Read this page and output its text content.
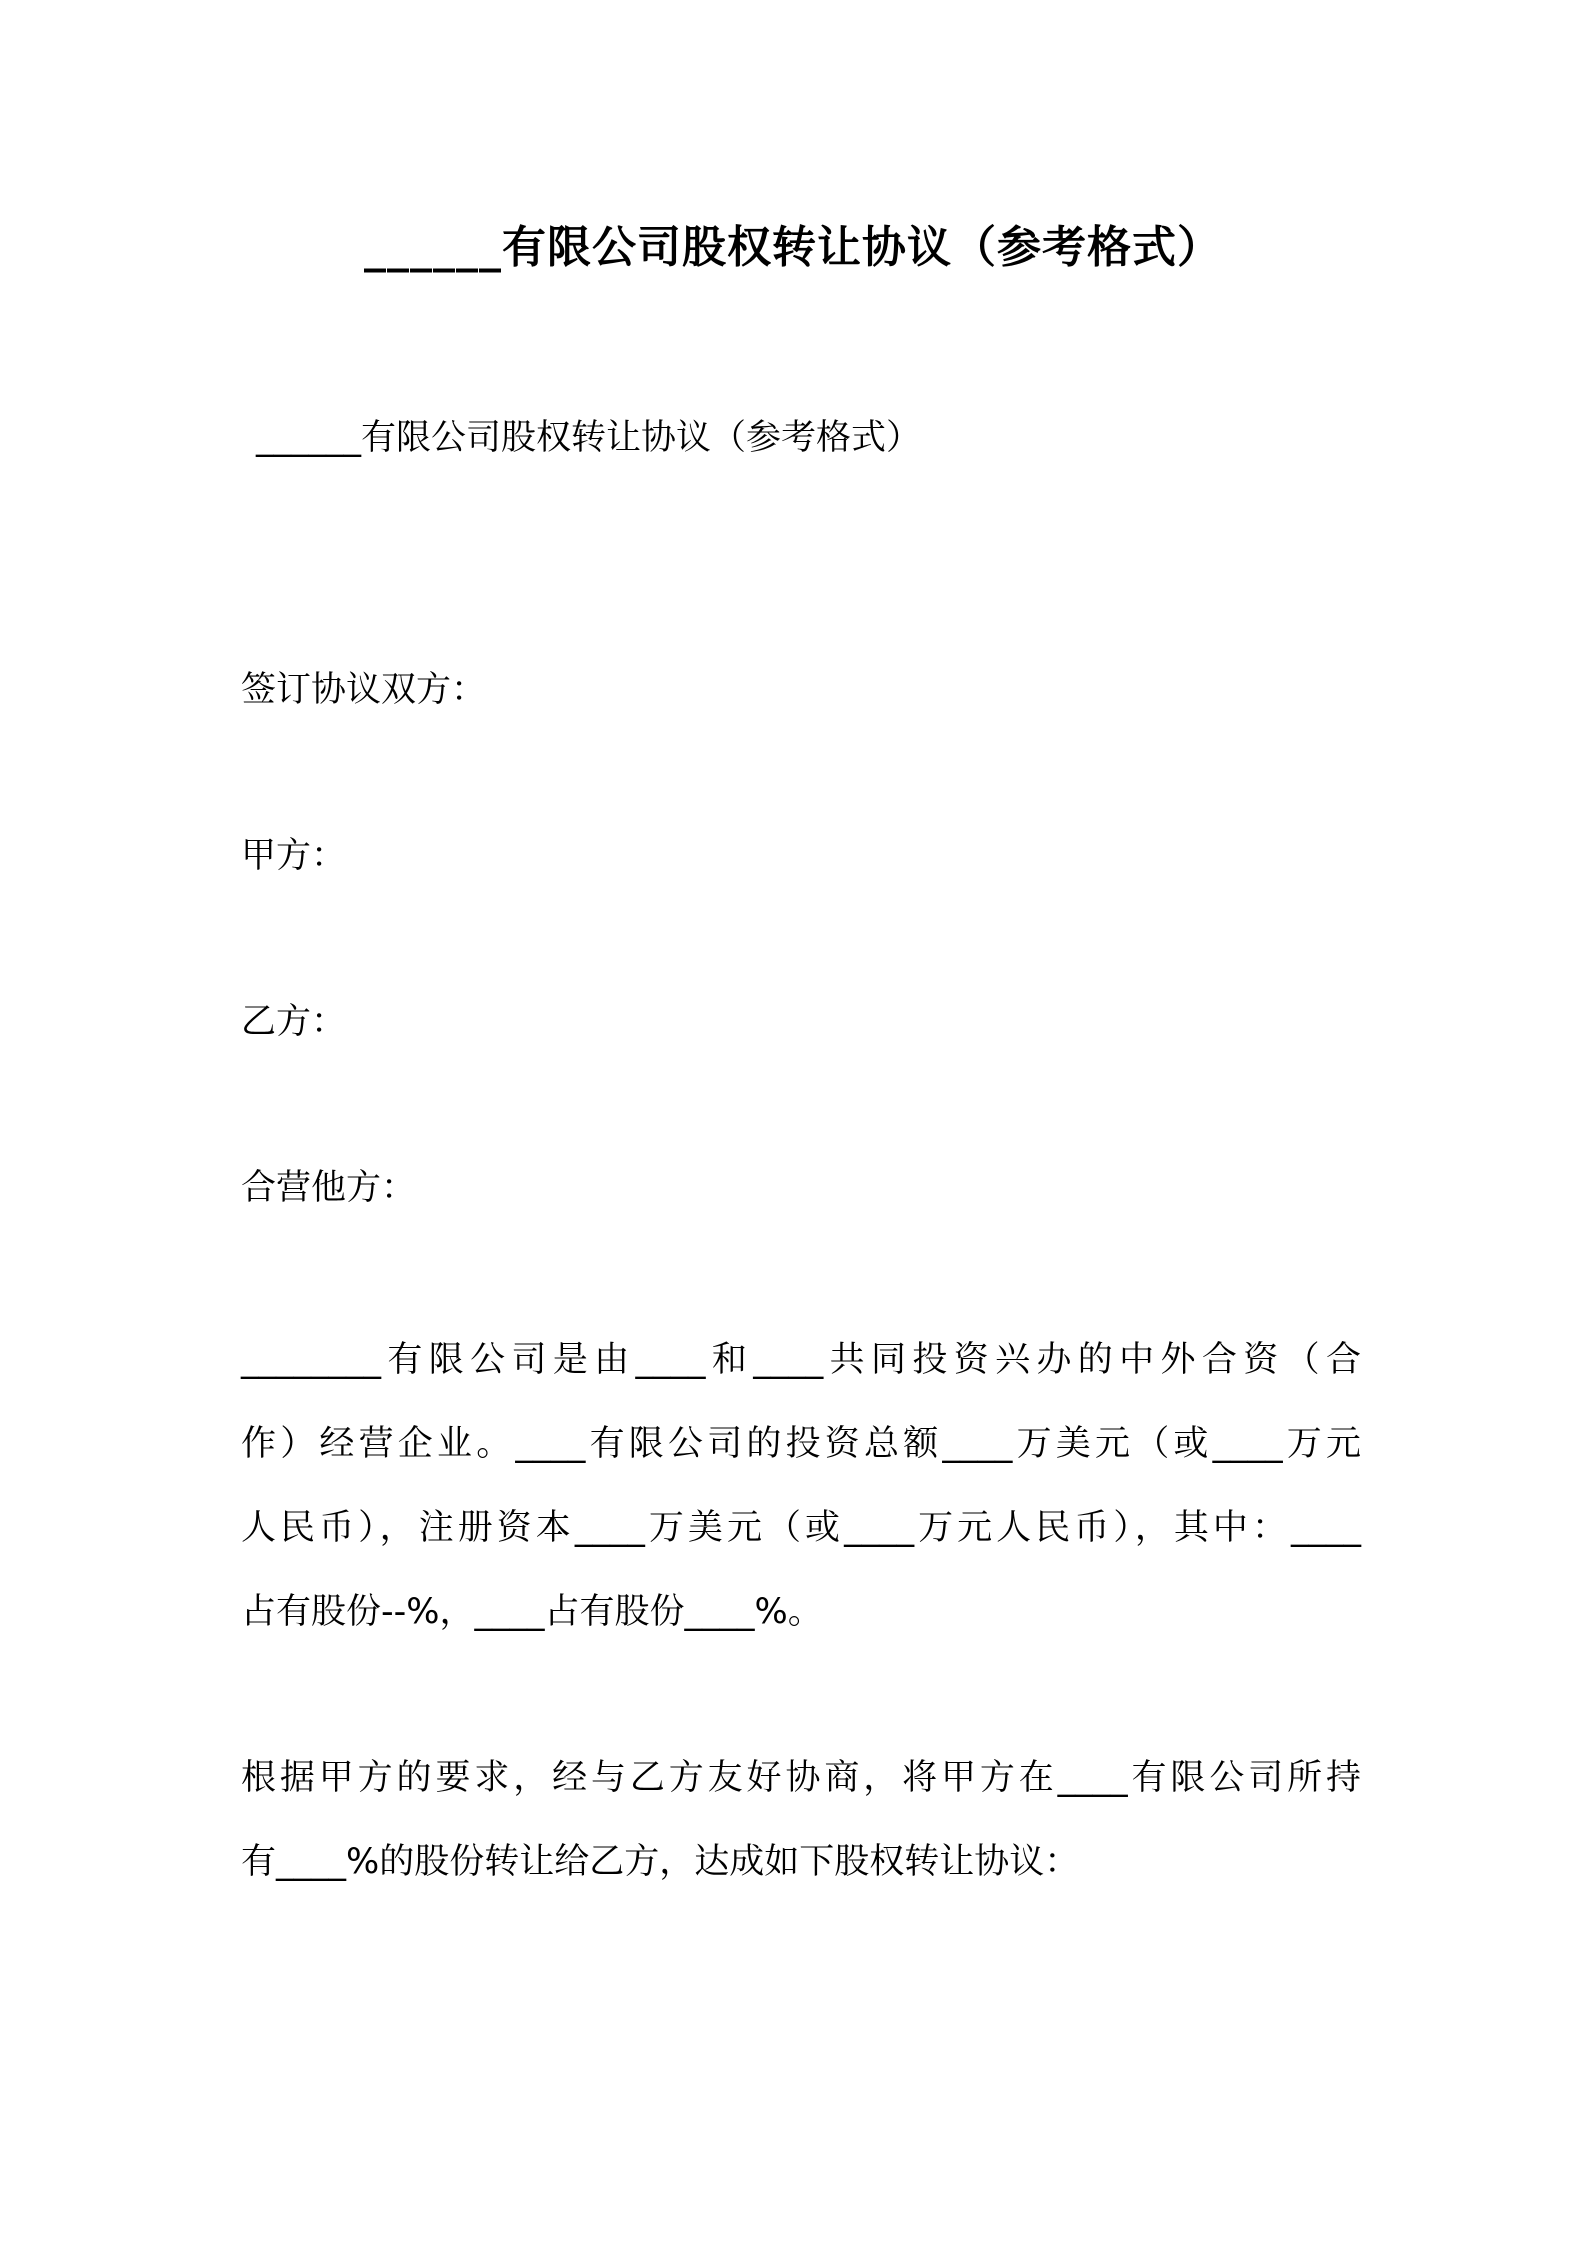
______有限公司股权转让协议（参考格式）
______有限公司股权转让协议（参考格式）
签订协议双方：
甲方：
乙方：
合营他方：
________有限公司是由____和____共同投资兴办的中外合资（合
作）经营企业。____有限公司的投资总额____万美元（或____万元
人民币），注册资本____万美元（或____万元人民币），其中：____
占有股份--%，____占有股份____%。
根据甲方的要求，经与乙方友好协商，将甲方在____有限公司所持
有____%的股份转让给乙方，达成如下股权转让协议：
